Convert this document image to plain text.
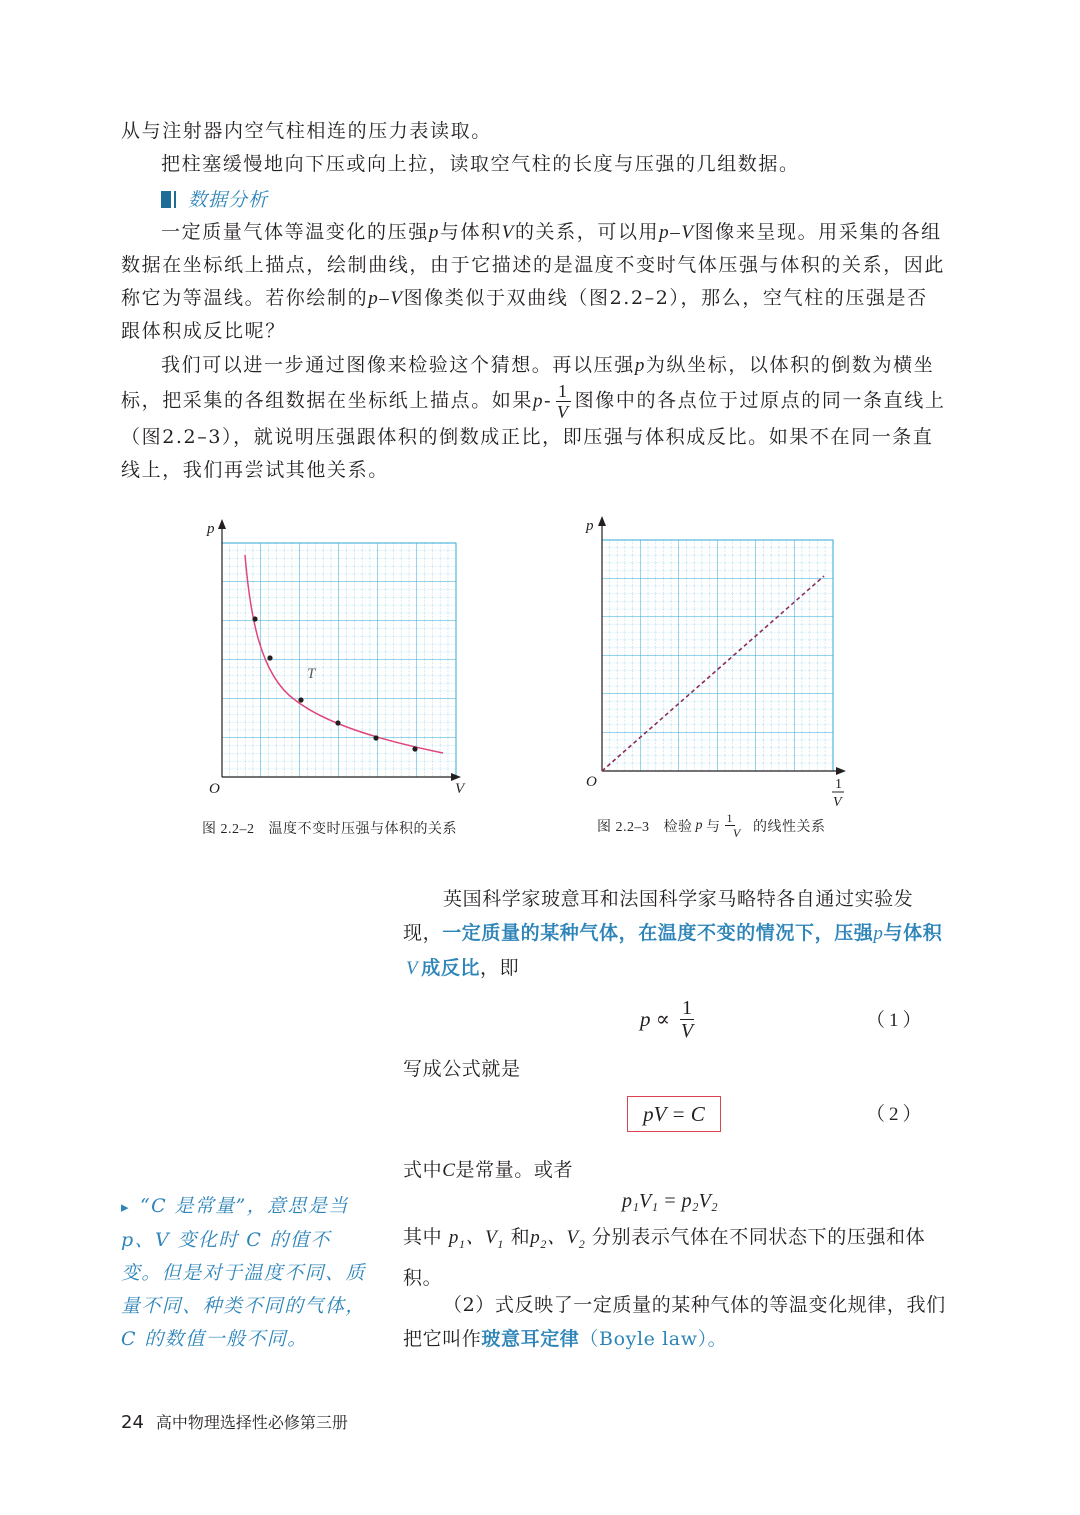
从与注射器内空气柱相连的压力表读取。

把柱塞缓慢地向下压或向上拉，读取空气柱的长度与压强的几组数据。

数据分析

一定质量气体等温变化的压强p与体积V的关系，可以用p–V图像来呈现。用采集的各组数据在坐标纸上描点，绘制曲线，由于它描述的是温度不变时气体压强与体积的关系，因此称它为等温线。若你绘制的p–V图像类似于双曲线（图2.2–2），那么，空气柱的压强是否跟体积成反比呢？

我们可以进一步通过图像来检验这个猜想。再以压强p为纵坐标，以体积的倒数为横坐标，把采集的各组数据在坐标纸上描点。如果$p- \frac{1}{V}$ 图像中的各点位于过原点的同一条直线上（图2.2–3），就说明压强跟体积的倒数成正比，即压强与体积成反比。如果不在同一条直线上，我们再尝试其他关系。

p
V
O
T
图 2.2–2 温度不变时压强与体积的关系
p
O	1
V
图 2.2–3 检验 p 与
1
V 的线性关系

英国科学家玻意耳和法国科学家马略特各自通过实验发现，一定质量的某种气体，在温度不变的情况下，压强p与体积V 成反比，即

$p \propto \frac{1}{V}$	（1）

写成公式就是

pV = C	（2）

式中C是常量。或者

p₁V₁ = p₂V₂

其中 $p_1$、$V_1$ 和$p_2$、$V_2$ 分别表示气体在不同状态下的压强和体积。

（2）式反映了一定质量的某种气体的等温变化规律，我们把它叫作玻意耳定律（Boyle law）。

▸ “C 是常量”，意思是当 p、V 变化时 C 的值不变。但是对于温度不同、质量不同、种类不同的气体，C 的数值一般不同。

24 高中物理选择性必修第三册
